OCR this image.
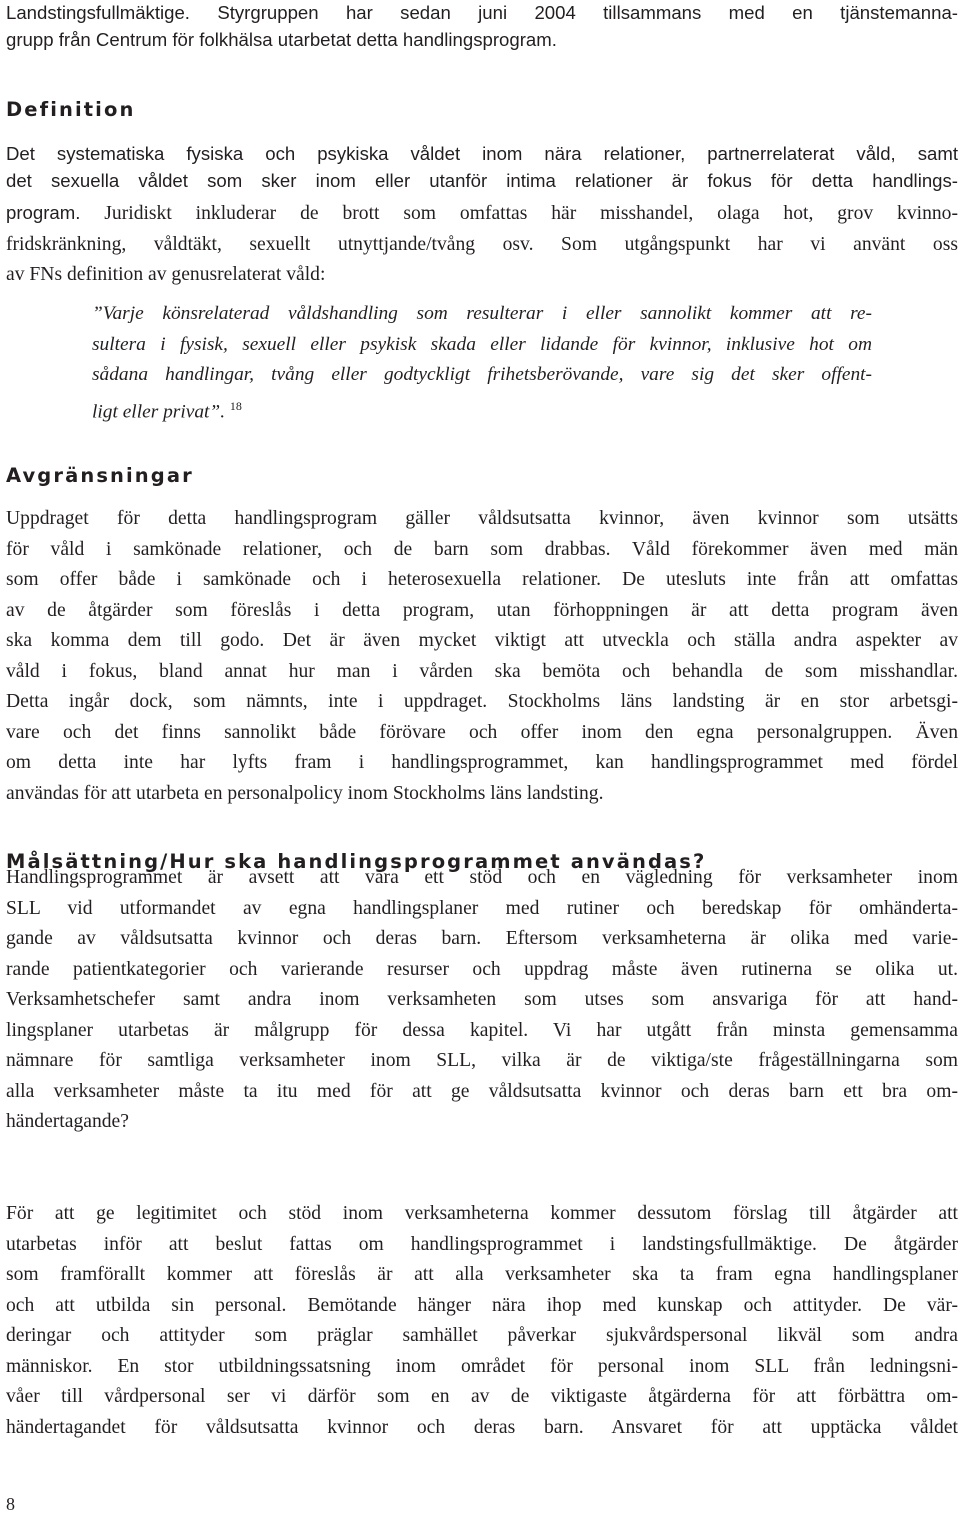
Landstingsfullmäktige. Styrgruppen har sedan juni 2004 tillsammans med en tjänstemanna-
grupp från Centrum för folkhälsa utarbetat detta handlingsprogram.
Definition
Det systematiska fysiska och psykiska våldet inom nära relationer, partnerrelaterat våld, samt
det sexuella våldet som sker inom eller utanför intima relationer är fokus för detta handlings-
program. Juridiskt inkluderar de brott som omfattas här misshandel, olaga hot, grov kvinno-
fridskränkning, våldtäkt, sexuellt utnyttjande/tvång osv. Som utgångspunkt har vi använt oss
av FNs definition av genusrelaterat våld:
”Varje könsrelaterad våldshandling som resulterar i eller sannolikt kommer att re-
sultera i fysisk, sexuell eller psykisk skada eller lidande för kvinnor, inklusive hot om
sådana handlingar, tvång eller godtyckligt frihetsberövande, vare sig det sker offent-
ligt eller privat”. $^{18}$
Avgränsningar
Uppdraget för detta handlingsprogram gäller våldsutsatta kvinnor, även kvinnor som utsätts
för våld i samkönade relationer, och de barn som drabbas. Våld förekommer även med män
som offer både i samkönade och i heterosexuella relationer. De utesluts inte från att omfattas
av de åtgärder som föreslås i detta program, utan förhoppningen är att detta program även
ska komma dem till godo. Det är även mycket viktigt att utveckla och ställa andra aspekter av
våld i fokus, bland annat hur man i vården ska bemöta och behandla de som misshandlar.
Detta ingår dock, som nämnts, inte i uppdraget. Stockholms läns landsting är en stor arbetsgi-
vare och det finns sannolikt både förövare och offer inom den egna personalgruppen. Även
om detta inte har lyfts fram i handlingsprogrammet, kan handlingsprogrammet med fördel
användas för att utarbeta en personalpolicy inom Stockholms läns landsting.
Målsättning/Hur ska handlingsprogrammet användas?
Handlingsprogrammet är avsett att vara ett stöd och en vägledning för verksamheter inom
SLL vid utformandet av egna handlingsplaner med rutiner och beredskap för omhänderta-
gande av våldsutsatta kvinnor och deras barn. Eftersom verksamheterna är olika med varie-
rande patientkategorier och varierande resurser och uppdrag måste även rutinerna se olika ut.
Verksamhetschefer samt andra inom verksamheten som utses som ansvariga för att hand-
lingsplaner utarbetas är målgrupp för dessa kapitel. Vi har utgått från minsta gemensamma
nämnare för samtliga verksamheter inom SLL, vilka är de viktiga/ste frågeställningarna som
alla verksamheter måste ta itu med för att ge våldsutsatta kvinnor och deras barn ett bra om-
händertagande?
För att ge legitimitet och stöd inom verksamheterna kommer dessutom förslag till åtgärder att
utarbetas inför att beslut fattas om handlingsprogrammet i landstingsfullmäktige. De åtgärder
som framförallt kommer att föreslås är att alla verksamheter ska ta fram egna handlingsplaner
och att utbilda sin personal. Bemötande hänger nära ihop med kunskap och attityder. De vär-
deringar och attityder som präglar samhället påverkar sjukvårdspersonal likväl som andra
människor. En stor utbildningssatsning inom området för personal inom SLL från ledningsni-
våer till vårdpersonal ser vi därför som en av de viktigaste åtgärderna för att förbättra om-
händertagandet för våldsutsatta kvinnor och deras barn. Ansvaret för att upptäcka våldet
8
